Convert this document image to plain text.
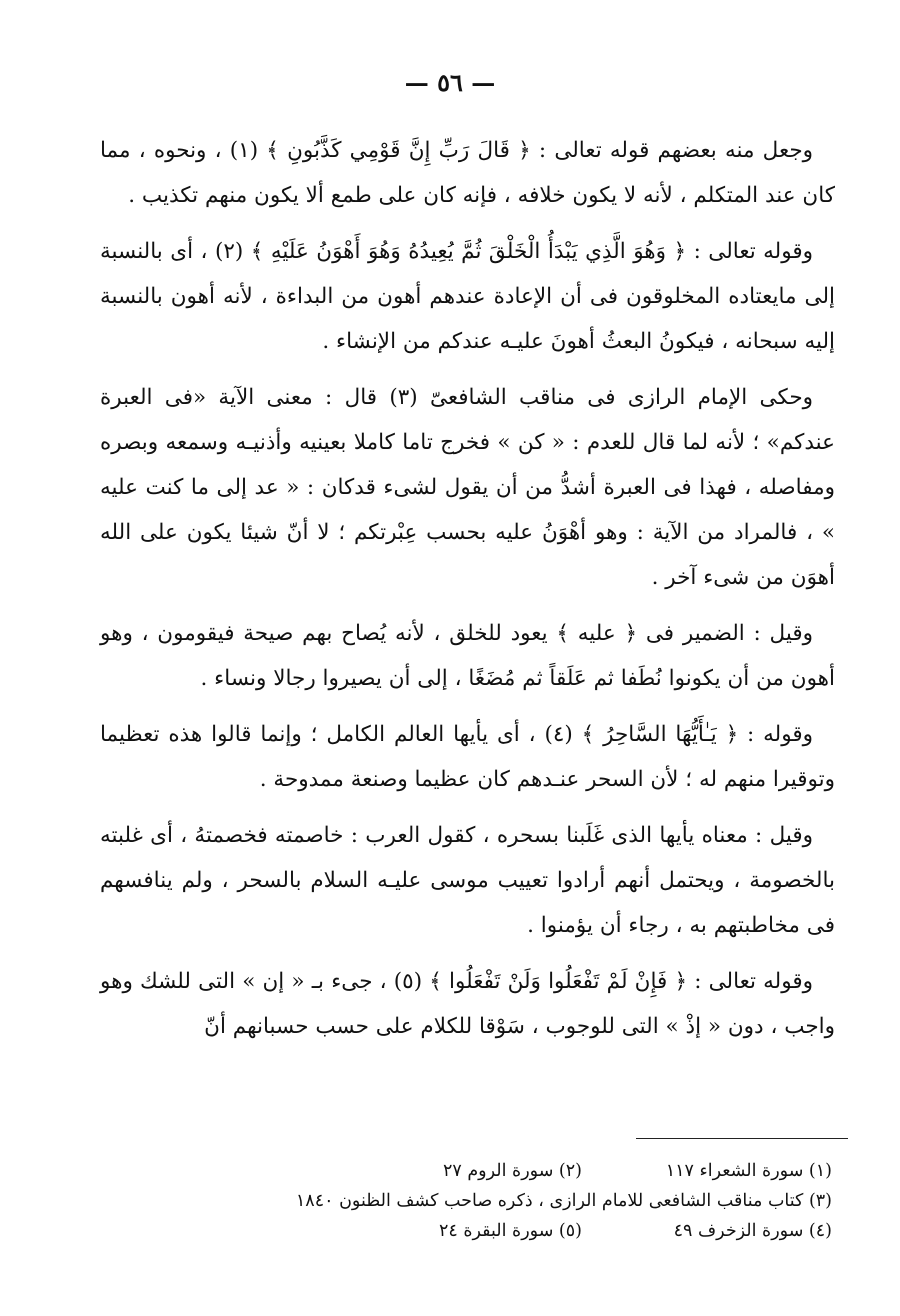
— ٥٦ —

وجعل منه بعضهم قوله تعالى : ﴿ قَالَ رَبِّ إِنَّ قَوْمِي كَذَّبُونِ ﴾ (١) ، ونحوه ، مما كان عند المتكلم ، لأنه لا يكون خلافه ، فإنه كان على طمع ألا يكون منهم تكذيب .

وقوله تعالى : ﴿ وَهُوَ الَّذِي يَبْدَأُ الْخَلْقَ ثُمَّ يُعِيدُهُ وَهُوَ أَهْوَنُ عَلَيْهِ ﴾ (٢) ، أى بالنسبة إلى مايعتاده المخلوقون فى أن الإعادة عندهم أهون من البداءة ، لأنه أهون بالنسبة إليه سبحانه ، فيكونُ البعثُ أهونَ عليـه عندكم من الإنشاء .

وحكى الإمام الرازى فى مناقب الشافعىّ (٣) قال : معنى الآية «فى العبرة عندكم» ؛ لأنه لما قال للعدم : « كن » فخرج تاما كاملا بعينيه وأذنيـه وسمعه وبصره ومفاصله ، فهذا فى العبرة أشدُّ من أن يقول لشىء قدكان : « عد إلى ما كنت عليه » ، فالمراد من الآية : وهو أهْوَنُ عليه بحسب عِبْرتكم ؛ لا أنّ شيئا يكون على الله أهوَن من شىء آخر .

وقيل : الضمير فى ﴿ عليه ﴾ يعود للخلق ، لأنه يُصاح بهم صيحة فيقومون ، وهو أهون من أن يكونوا نُطَفا ثم عَلَقاً ثم مُضَغًا ، إلى أن يصيروا رجالا ونساء .

وقوله : ﴿ يَـٰأَيُّهَا السَّاحِرُ ﴾ (٤) ، أى يأيها العالم الكامل ؛ وإنما قالوا هذه تعظيما وتوقيرا منهم له ؛ لأن السحر عنـدهم كان عظيما وصنعة ممدوحة .

وقيل : معناه يأيها الذى غَلَبنا بسحره ، كقول العرب : خاصمته فخصمتهُ ، أى غلبته بالخصومة ، ويحتمل أنهم أرادوا تعييب موسى عليـه السلام بالسحر ، ولم ينافسهم فى مخاطبتهم به ، رجاء أن يؤمنوا .

وقوله تعالى : ﴿ فَإِنْ لَمْ تَفْعَلُوا وَلَنْ تَفْعَلُوا ﴾ (٥) ، جىء بـ « إن » التى للشك وهو واجب ، دون « إذْ » التى للوجوب ، سَوْقا للكلام على حسب حسبانهم أنّ

(١) سورة الشعراء ١١٧
(٢) سورة الروم ٢٧
(٣) كتاب مناقب الشافعى للامام الرازى ، ذكره صاحب كشف الظنون ١٨٤٠
(٤) سورة الزخرف ٤٩
(٥) سورة البقرة ٢٤
